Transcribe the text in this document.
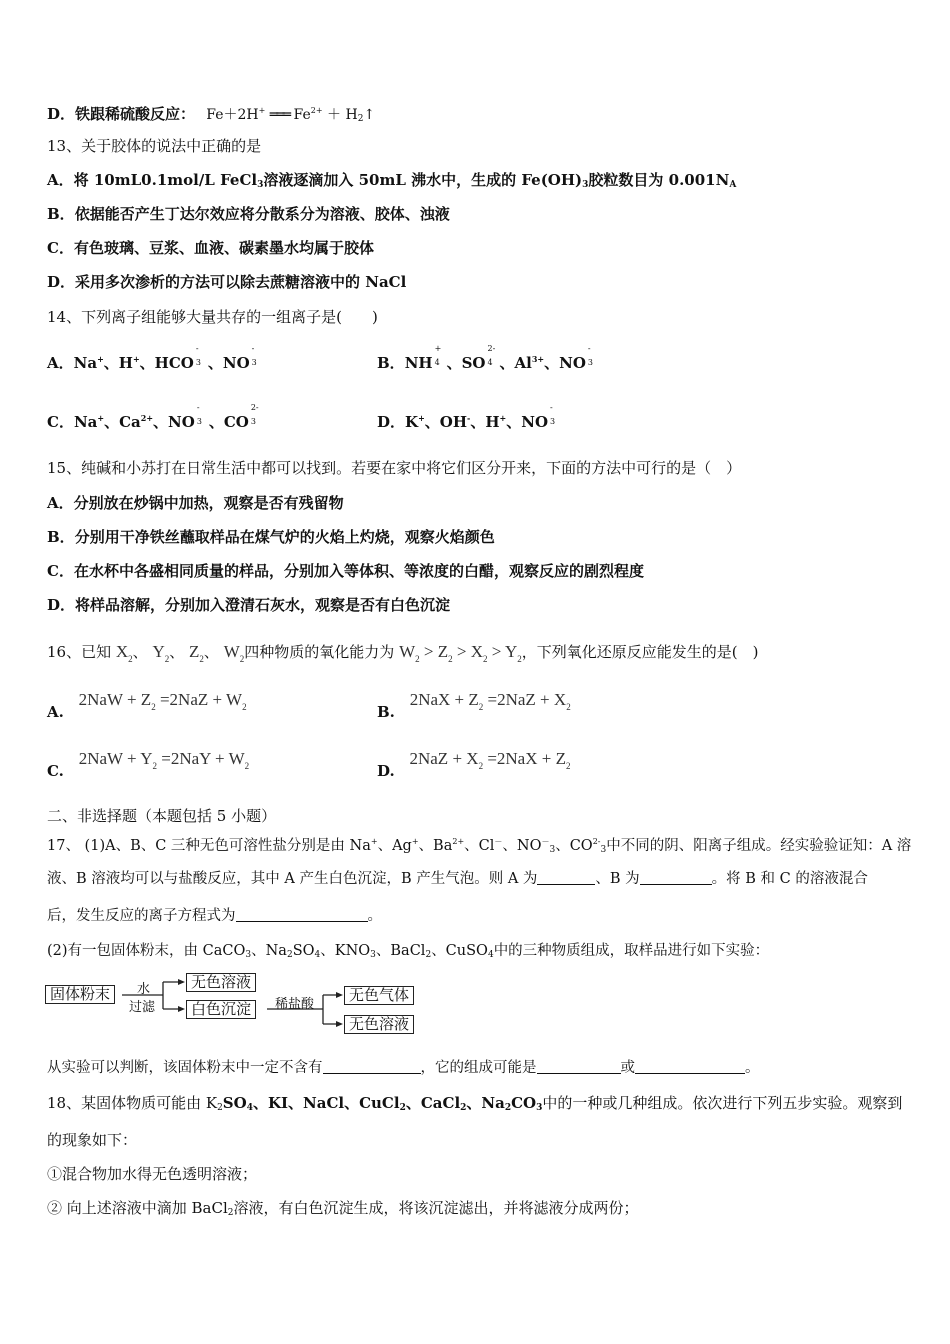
D．铁跟稀硫酸反应： Fe＋2H+ ═══ $Fe^{2+}$ ＋ $H_2↑$
13、关于胶体的说法中正确的是
A．将 10mL0.1mol/L FeCl$_3$溶液逐滴加入 50mL 沸水中，生成的 $Fe(OH)_3$胶粒数目为 $0.001N_A$
B．依据能否产生丁达尔效应将分散系分为溶液、胶体、浊液
C．有色玻璃、豆浆、血液、碳素墨水均属于胶体
D．采用多次渗析的方法可以除去蔗糖溶液中的 NaCl
14、下列离子组能够大量共存的一组离子是(　　)
A．Na+、H+、HCO
-
3 、NO
-
3	B．NH
+
4 、SO
2-
4 、$Al^{3+}$、NO
-
3
C．Na+、$Ca^{2+}$、NO
-
3 、CO
2-
3	D．K+、OH-、H+、NO
-
3
15、纯碱和小苏打在日常生活中都可以找到。若要在家中将它们区分开来，下面的方法中可行的是（　）
A．分别放在炒锅中加热，观察是否有残留物
B．分别用干净铁丝蘸取样品在煤气炉的火焰上灼烧，观察火焰颜色
C．在水杯中各盛相同质量的样品，分别加入等体积、等浓度的白醋，观察反应的剧烈程度
D．将样品溶解，分别加入澄清石灰水，观察是否有白色沉淀
16、已知 $X_2$、 $Y_2$、 $Z_2$、 $W_2$四种物质的氧化能力为 $W_2 > Z_2 > X_2 > Y_2$，下列氧化还原反应能发生的是(　)
A. $2NaW + Z_2 =2NaZ + W_2$	B. $2NaX + Z_2 =2NaZ + X_2$
C. $2NaW + Y_2 =2NaY + W_2$	D. $2NaZ + X_2 =2NaX + Z_2$
二、非选择题（本题包括 5 小题）
17、 (1)A、B、C 三种无色可溶性盐分别是由 Na+、Ag+、$Ba^{2+}$、Cl－、$NO^-_3$、$CO^{2-}_3$中不同的阴、阳离子组成。经实验验证知：A 溶
液、B 溶液均可以与盐酸反应，其中 A 产生白色沉淀，B 产生气泡。则 A 为	、B 为	。将 B 和 C 的溶液混合
后，发生反应的离子方程式为	。
(2)有一包固体粉末，由 CaCO$_3$、$Na_2SO_4$、$KNO_3$、BaCl$_2$、CuSO$_4$中的三种物质组成，取样品进行如下实验：
固体粉末	水
过滤
无色溶液
白色沉淀	稀盐酸
无色气体
无色溶液
从实验可以判断，该固体粉末中一定不含有	，它的组成可能是	或	。
18、某固体物质可能由 $K_2SO_4$、KI、NaCl、CuCl$_2$、CaCl$_2$、$Na_2CO_3$中的一种或几种组成。依次进行下列五步实验。观察到
的现象如下：
①混合物加水得无色透明溶液；
② 向上述溶液中滴加 BaCl$_2$溶液，有白色沉淀生成，将该沉淀滤出，并将滤液分成两份；
